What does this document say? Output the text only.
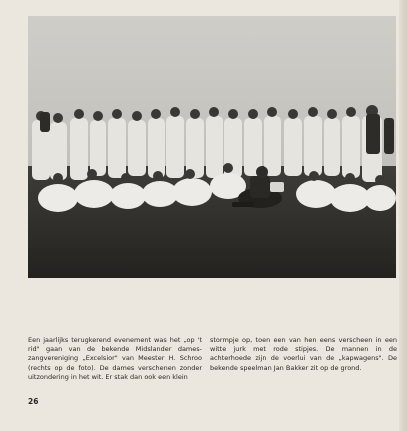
Een jaarlijks terugkerend evenement was het „op 't rid" gaan van de bekende Midslander damеs-zangvereniging „Excelsior" van Meester H. Schroo (rechts op de foto). De dames verschenen zonder uitzondering in het wit. Er stak dan ook een klein
stormpje op, toen een van hen eens verscheen in een witte jurk met rode stipjes. De mannen in de achterhoede zijn de voerlui van de „kapwagens". De bekende speelman Jan Bakker zit op de grond.
26
